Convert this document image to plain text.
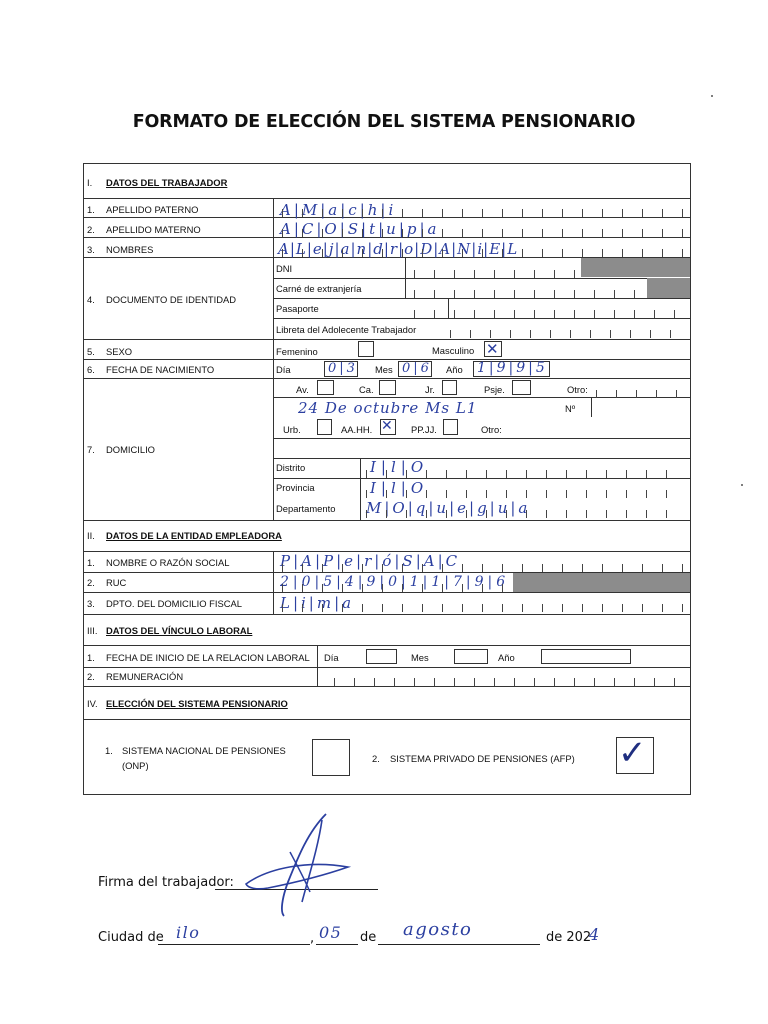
FORMATO DE ELECCIÓN DEL SISTEMA PENSIONARIO
I. DATOS DEL TRABAJADOR
1. APELLIDO PATERNO	A|M|a|c|h|i
2. APELLIDO MATERNO	A|C|O|S|t|u|p|a
3. NOMBRES	A|L|e|j|a|n|d|r|o|D|A|N|i|E|L
4. DOCUMENTO DE IDENTIDAD
DNI
Carné de extranjería
Pasaporte
Libreta del Adolecente Trabajador
5. SEXO	Femenino	Masculino ✕
6. FECHA DE NACIMIENTO	Día	0|3 Mes 0|6 Año 1|9|9|5
7. DOMICILIO
Av.	Ca.	Jr.	Psje.	Otro:
24 De octubre Ms L1	Nº
Urb.	AA.HH. ✕ PP.JJ.	Otro:
Distrito	I|l|O
Provincia	I|l|O
Departamento M|O|q|u|e|g|u|a
II. DATOS DE LA ENTIDAD EMPLEADORA
1. NOMBRE O RAZÓN SOCIAL	P|A|P|e|r|ó|S|A|C
2. RUC	2|0|5|4|9|0|1|1|7|9|6
3. DPTO. DEL DOMICILIO FISCAL	L|i|m|a
III. DATOS DEL VÍNCULO LABORAL
1. FECHA DE INICIO DE LA RELACION LABORAL Día	Mes	Año
2. REMUNERACIÓN
IV. ELECCIÓN DEL SISTEMA PENSIONARIO
1. SISTEMA NACIONAL DE PENSIONES
(ONP)
2. SISTEMA PRIVADO DE PENSIONES (AFP) ✓
Firma del trabajador:
Ciudad de ilo	, 05 de agosto	de 202
4
